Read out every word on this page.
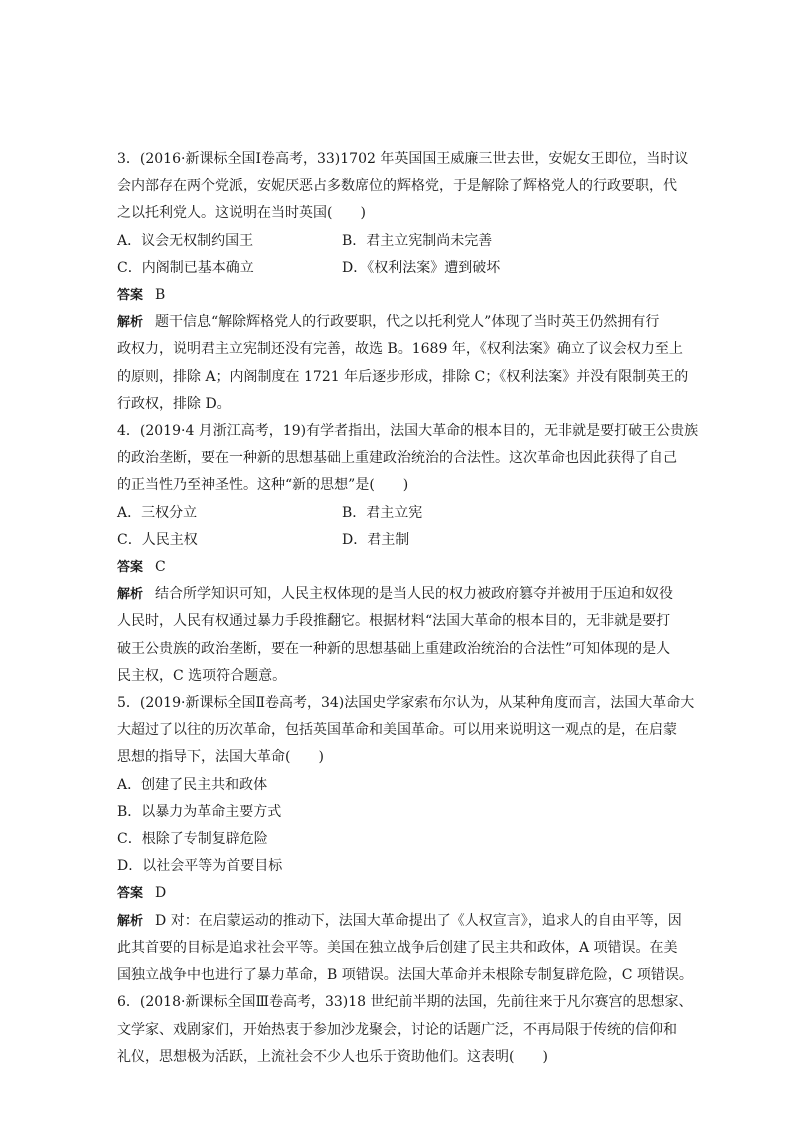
3．(2016·新课标全国Ⅰ卷高考，33)1702 年英国国王威廉三世去世，安妮女王即位，当时议
会内部存在两个党派，安妮厌恶占多数席位的辉格党，于是解除了辉格党人的行政要职，代
之以托利党人。这说明在当时英国(　　)
A．议会无权制约国王	B．君主立宪制尚未完善
C．内阁制已基本确立	D．《权利法案》遭到破坏
答案 B
解析 题干信息“解除辉格党人的行政要职，代之以托利党人”体现了当时英王仍然拥有行
政权力，说明君主立宪制还没有完善，故选 B。1689 年，《权利法案》确立了议会权力至上
的原则，排除 A；内阁制度在 1721 年后逐步形成，排除 C；《权利法案》并没有限制英王的
行政权，排除 D。
4．(2019·4 月浙江高考，19)有学者指出，法国大革命的根本目的，无非就是要打破王公贵族
的政治垄断，要在一种新的思想基础上重建政治统治的合法性。这次革命也因此获得了自己
的正当性乃至神圣性。这种“新的思想”是(　　)
A．三权分立	B．君主立宪
C．人民主权	D．君主制
答案 C
解析 结合所学知识可知，人民主权体现的是当人民的权力被政府篡夺并被用于压迫和奴役
人民时，人民有权通过暴力手段推翻它。根据材料“法国大革命的根本目的，无非就是要打
破王公贵族的政治垄断，要在一种新的思想基础上重建政治统治的合法性”可知体现的是人
民主权，C 选项符合题意。
5．(2019·新课标全国Ⅱ卷高考，34)法国史学家索布尔认为，从某种角度而言，法国大革命大
大超过了以往的历次革命，包括英国革命和美国革命。可以用来说明这一观点的是，在启蒙
思想的指导下，法国大革命(　　)
A．创建了民主共和政体
B．以暴力为革命主要方式
C．根除了专制复辟危险
D．以社会平等为首要目标
答案 D
解析 D 对：在启蒙运动的推动下，法国大革命提出了《人权宣言》，追求人的自由平等，因
此其首要的目标是追求社会平等。美国在独立战争后创建了民主共和政体，A 项错误。在美
国独立战争中也进行了暴力革命，B 项错误。法国大革命并未根除专制复辟危险，C 项错误。
6．(2018·新课标全国Ⅲ卷高考，33)18 世纪前半期的法国，先前往来于凡尔赛宫的思想家、
文学家、戏剧家们，开始热衷于参加沙龙聚会，讨论的话题广泛，不再局限于传统的信仰和
礼仪，思想极为活跃，上流社会不少人也乐于资助他们。这表明(　　)
